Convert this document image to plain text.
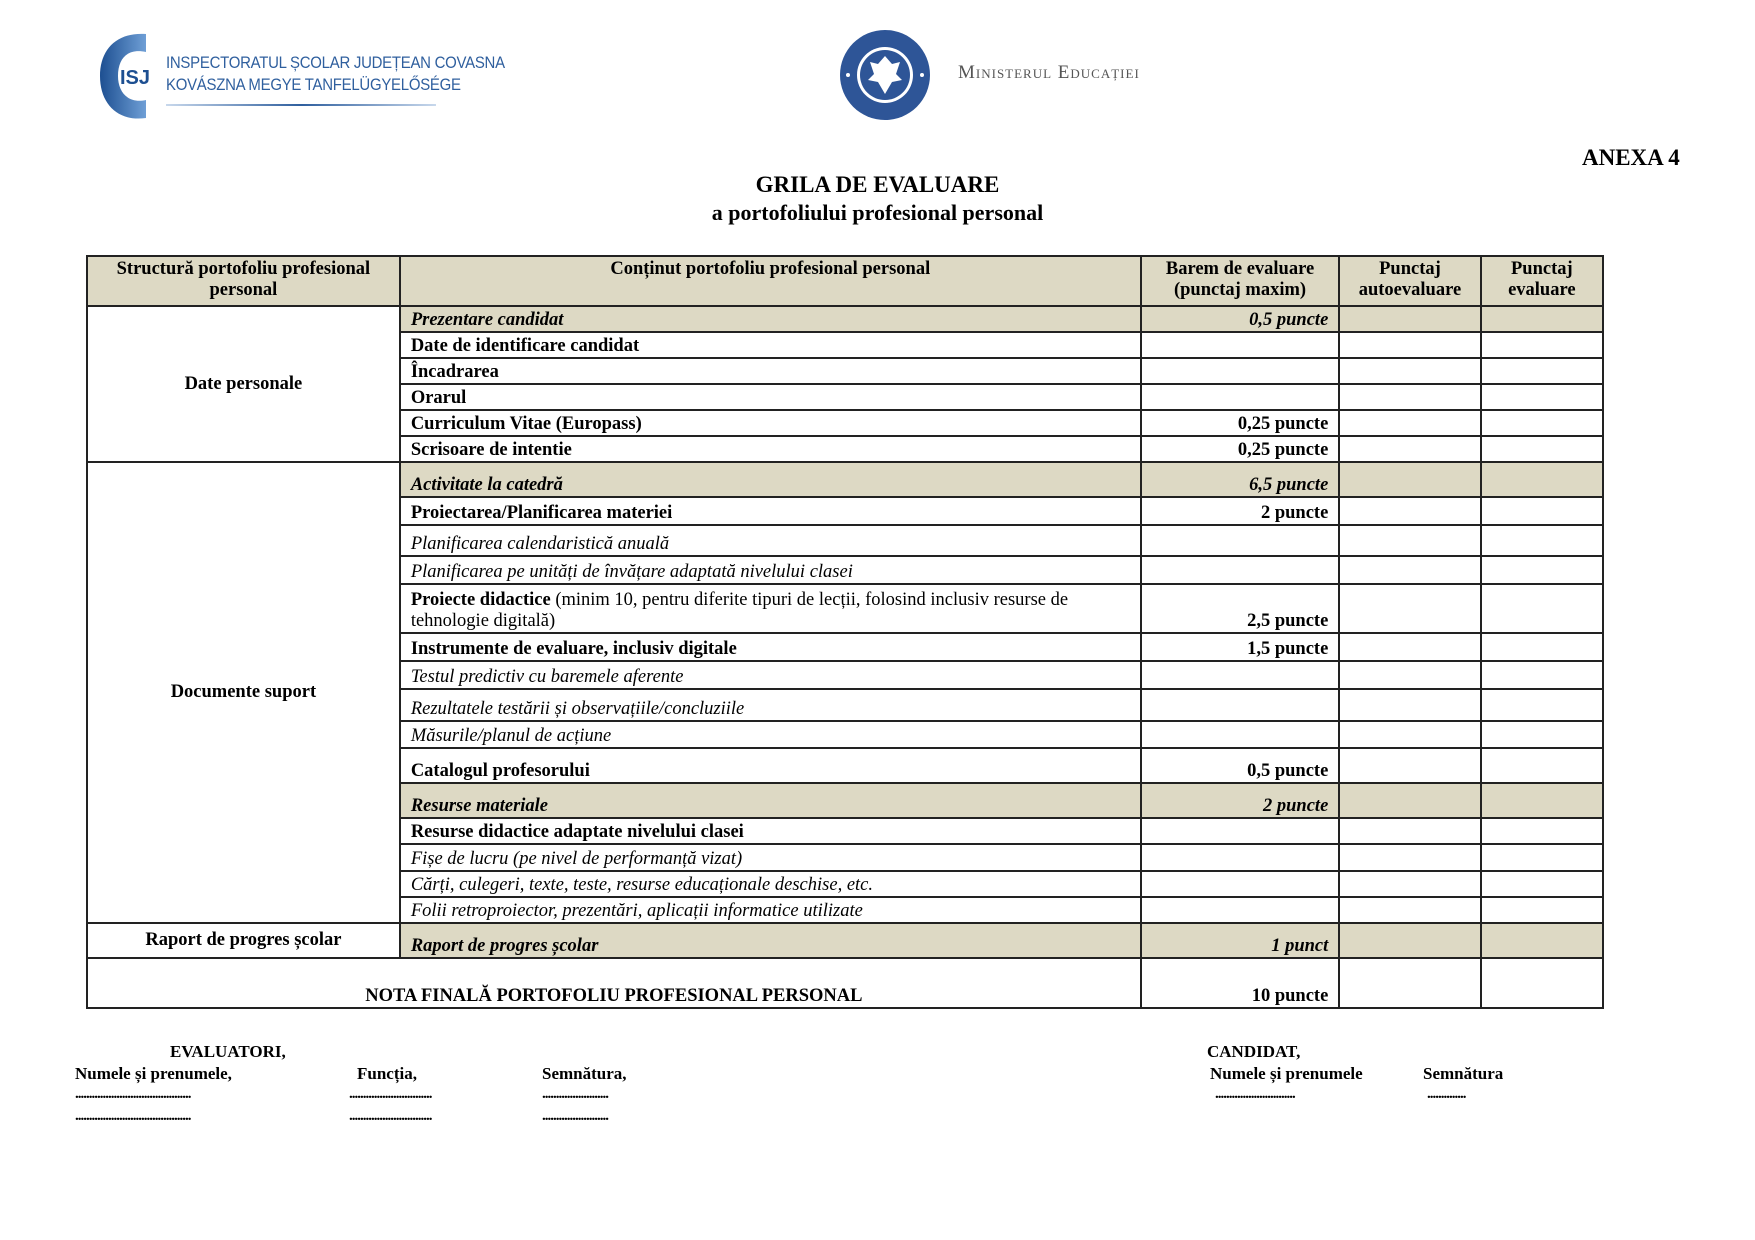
ISJ
INSPECTORATUL ȘCOLAR JUDEȚEAN COVASNA
KOVÁSZNA MEGYE TANFELÜGYELŐSÉGE
Ministerul Educației
ANEXA 4
GRILA DE EVALUARE
a portofoliului profesional personal
Structură portofoliu profesional personal	Conținut portofoliu profesional personal	Barem de evaluare (punctaj maxim)	Punctaj autoevaluare	Punctaj evaluare
Date personale	Prezentare candidat	0,5 puncte		
	Date de identificare candidat			
	Încadrarea			
	Orarul			
	Curriculum Vitae (Europass)	0,25 puncte		
	Scrisoare de intentie	0,25 puncte		
Documente suport	Activitate la catedră	6,5 puncte		
	Proiectarea/Planificarea materiei	2 puncte		
	Planificarea calendaristică anuală			
	Planificarea pe unități de învățare adaptată nivelului clasei			
	Proiecte didactice (minim 10, pentru diferite tipuri de lecții, folosind inclusiv resurse de tehnologie digitală)	2,5 puncte		
	Instrumente de evaluare, inclusiv digitale	1,5 puncte		
	Testul predictiv cu baremele aferente			
	Rezultatele testării și observațiile/concluziile			
	Măsurile/planul de acțiune			
	Catalogul profesorului	0,5 puncte		
	Resurse materiale	2 puncte		
	Resurse didactice adaptate nivelului clasei			
	Fișe de lucru (pe nivel de performanță vizat)			
	Cărți, culegeri, texte, teste, resurse educaționale deschise, etc.			
	Folii retroproiector, prezentări, aplicații informatice utilizate			
Raport de progres școlar	Raport de progres școlar	1 punct		
NOTA FINALĂ PORTOFOLIU PROFESIONAL PERSONAL		10 puncte		
EVALUATORI,
Numele și prenumele,	Funcția,	Semnătura,
..........................................	..............................	........................
..........................................	..............................	........................
CANDIDAT,
Numele și prenumele	Semnătura
.............................	..............
